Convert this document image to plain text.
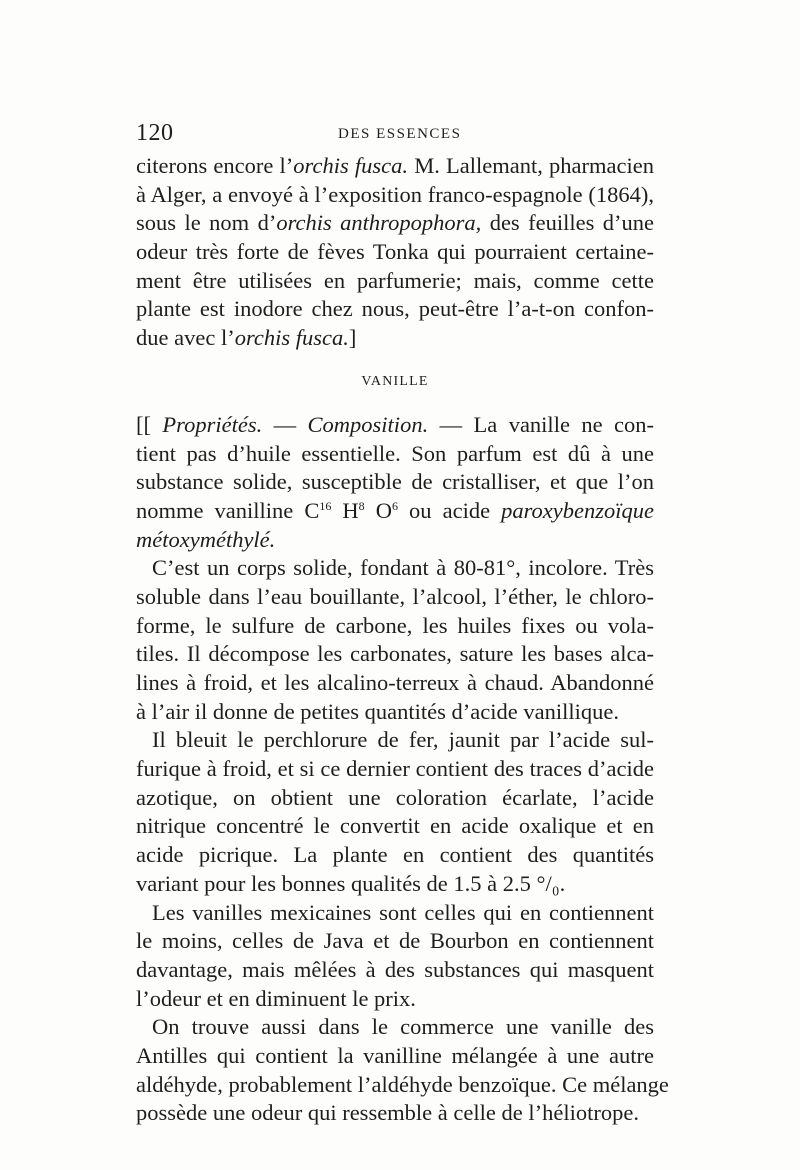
120	DES ESSENCES
citerons encore l’orchis fusca. M. Lallemant, pharmacien
à Alger, a envoyé à l’exposition franco-espagnole (1864),
sous le nom d’orchis anthropophora, des feuilles d’une
odeur très forte de fèves Tonka qui pourraient certaine-
ment être utilisées en parfumerie; mais, comme cette
plante est inodore chez nous, peut-être l’a-t-on confon-
due avec l’orchis fusca.]
VANILLE
[[ Propriétés. — Composition. — La vanille ne con-
tient pas d’huile essentielle. Son parfum est dû à une
substance solide, susceptible de cristalliser, et que l’on
nomme vanilline $C^{16}$ $H^8$ $O^6$ ou acide paroxybenzoïque
métoxyméthylé.
C’est un corps solide, fondant à 80-81°, incolore. Très
soluble dans l’eau bouillante, l’alcool, l’éther, le chloro-
forme, le sulfure de carbone, les huiles fixes ou vola-
tiles. Il décompose les carbonates, sature les bases alca-
lines à froid, et les alcalino-terreux à chaud. Abandonné
à l’air il donne de petites quantités d’acide vanillique.
Il bleuit le perchlorure de fer, jaunit par l’acide sul-
furique à froid, et si ce dernier contient des traces d’acide
azotique, on obtient une coloration écarlate, l’acide
nitrique concentré le convertit en acide oxalique et en
acide picrique. La plante en contient des quantités
variant pour les bonnes qualités de 1.5 à 2.5 °/₀.
Les vanilles mexicaines sont celles qui en contiennent
le moins, celles de Java et de Bourbon en contiennent
davantage, mais mêlées à des substances qui masquent
l’odeur et en diminuent le prix.
On trouve aussi dans le commerce une vanille des
Antilles qui contient la vanilline mélangée à une autre
aldéhyde, probablement l’aldéhyde benzoïque. Ce mélange
possède une odeur qui ressemble à celle de l’héliotrope.
